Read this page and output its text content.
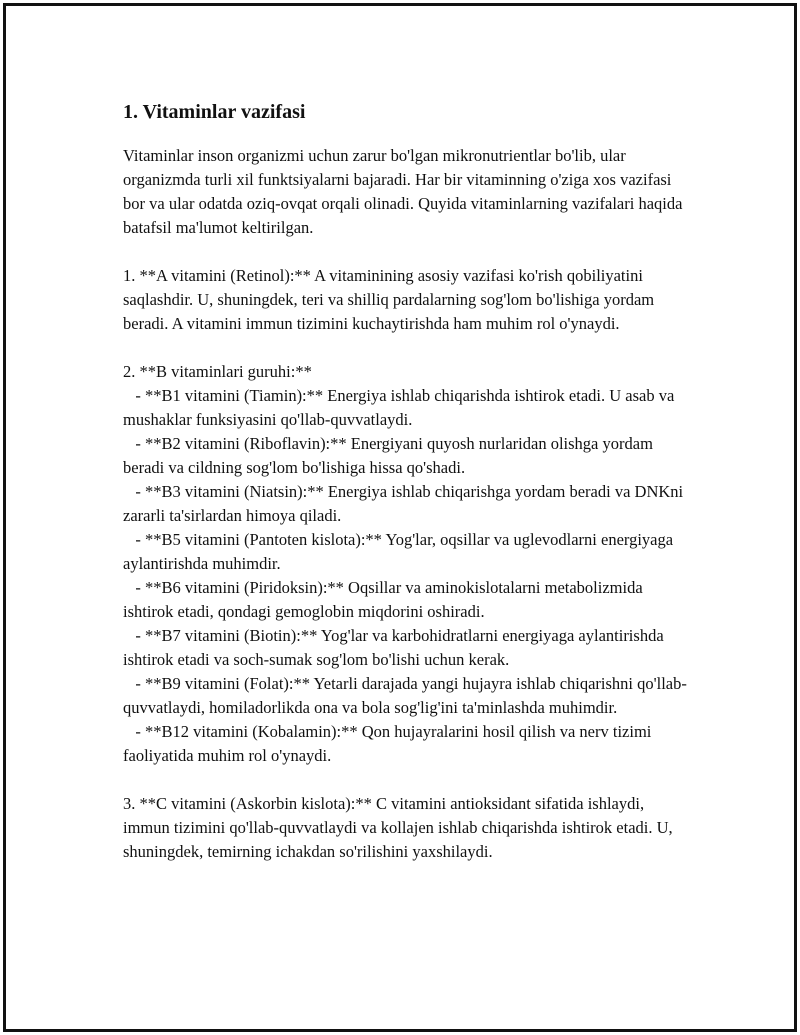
1. Vitaminlar vazifasi

Vitaminlar inson organizmi uchun zarur bo'lgan mikronutrientlar bo'lib, ular organizmda turli xil funktsiyalarni bajaradi. Har bir vitaminning o'ziga xos vazifasi bor va ular odatda oziq-ovqat orqali olinadi. Quyida vitaminlarning vazifalari haqida batafsil ma'lumot keltirilgan.

1. **A vitamini (Retinol):** A vitaminining asosiy vazifasi ko'rish qobiliyatini saqlashdir. U, shuningdek, teri va shilliq pardalarning sog'lom bo'lishiga yordam beradi. A vitamini immun tizimini kuchaytirishda ham muhim rol o'ynaydi.

2. **B vitaminlari guruhi:**
- **B1 vitamini (Tiamin):** Energiya ishlab chiqarishda ishtirok etadi. U asab va mushaklar funksiyasini qo'llab-quvvatlaydi.
- **B2 vitamini (Riboflavin):** Energiyani quyosh nurlaridan olishga yordam beradi va cildning sog'lom bo'lishiga hissa qo'shadi.
- **B3 vitamini (Niatsin):** Energiya ishlab chiqarishga yordam beradi va DNKni zararli ta'sirlardan himoya qiladi.
- **B5 vitamini (Pantoten kislota):** Yog'lar, oqsillar va uglevodlarni energiyaga aylantirishda muhimdir.
- **B6 vitamini (Piridoksin):** Oqsillar va aminokislotalarni metabolizmida ishtirok etadi, qondagi gemoglobin miqdorini oshiradi.
- **B7 vitamini (Biotin):** Yog'lar va karbohidratlarni energiyaga aylantirishda ishtirok etadi va soch-sumak sog'lom bo'lishi uchun kerak.
- **B9 vitamini (Folat):** Yetarli darajada yangi hujayra ishlab chiqarishni qo'llab-quvvatlaydi, homiladorlikda ona va bola sog'lig'ini ta'minlashda muhimdir.
- **B12 vitamini (Kobalamin):** Qon hujayralarini hosil qilish va nerv tizimi faoliyatida muhim rol o'ynaydi.

3. **C vitamini (Askorbin kislota):** C vitamini antioksidant sifatida ishlaydi, immun tizimini qo'llab-quvvatlaydi va kollajen ishlab chiqarishda ishtirok etadi. U, shuningdek, temirning ichakdan so'rilishini yaxshilaydi.
